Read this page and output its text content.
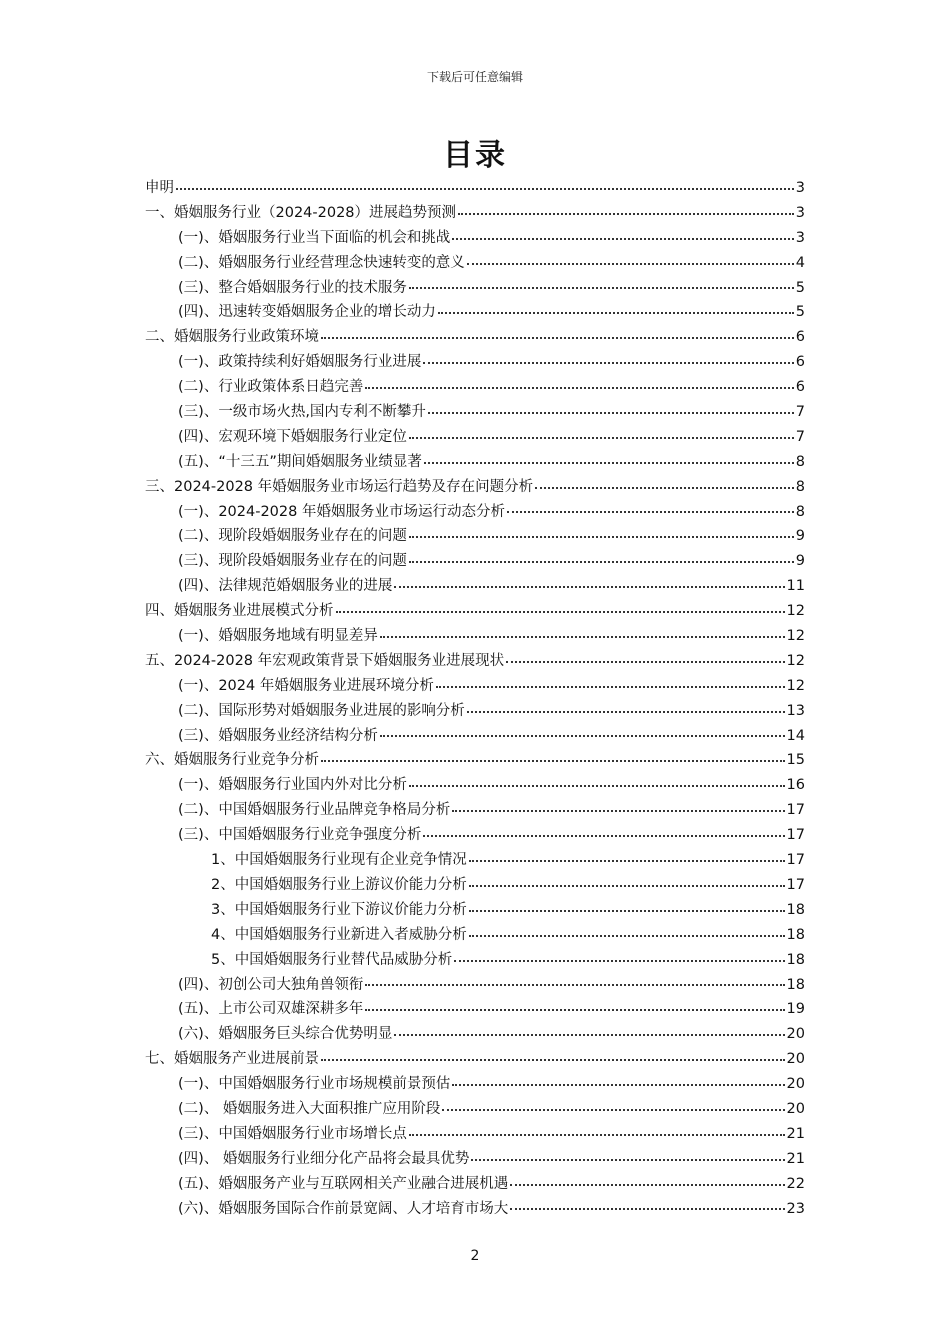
下载后可任意编辑
目录
申明	3
一、婚姻服务行业（2024-2028）进展趋势预测	3
(一)、婚姻服务行业当下面临的机会和挑战	3
(二)、婚姻服务行业经营理念快速转变的意义	4
(三)、整合婚姻服务行业的技术服务	5
(四)、迅速转变婚姻服务企业的增长动力	5
二、婚姻服务行业政策环境	6
(一)、政策持续利好婚姻服务行业进展	6
(二)、行业政策体系日趋完善	6
(三)、一级市场火热,国内专利不断攀升	7
(四)、宏观环境下婚姻服务行业定位	7
(五)、“十三五”期间婚姻服务业绩显著	8
三、2024-2028 年婚姻服务业市场运行趋势及存在问题分析	8
(一)、2024-2028 年婚姻服务业市场运行动态分析	8
(二)、现阶段婚姻服务业存在的问题	9
(三)、现阶段婚姻服务业存在的问题	9
(四)、法律规范婚姻服务业的进展	11
四、婚姻服务业进展模式分析	12
(一)、婚姻服务地域有明显差异	12
五、2024-2028 年宏观政策背景下婚姻服务业进展现状	12
(一)、2024 年婚姻服务业进展环境分析	12
(二)、国际形势对婚姻服务业进展的影响分析	13
(三)、婚姻服务业经济结构分析	14
六、婚姻服务行业竞争分析	15
(一)、婚姻服务行业国内外对比分析	16
(二)、中国婚姻服务行业品牌竞争格局分析	17
(三)、中国婚姻服务行业竞争强度分析	17
1、中国婚姻服务行业现有企业竞争情况	17
2、中国婚姻服务行业上游议价能力分析	17
3、中国婚姻服务行业下游议价能力分析	18
4、中国婚姻服务行业新进入者威胁分析	18
5、中国婚姻服务行业替代品威胁分析	18
(四)、初创公司大独角兽领衔	18
(五)、上市公司双雄深耕多年	19
(六)、婚姻服务巨头综合优势明显	20
七、婚姻服务产业进展前景	20
(一)、中国婚姻服务行业市场规模前景预估	20
(二)、 婚姻服务进入大面积推广应用阶段	20
(三)、中国婚姻服务行业市场增长点	21
(四)、 婚姻服务行业细分化产品将会最具优势	21
(五)、婚姻服务产业与互联网相关产业融合进展机遇	22
(六)、婚姻服务国际合作前景宽阔、人才培育市场大	23
2
